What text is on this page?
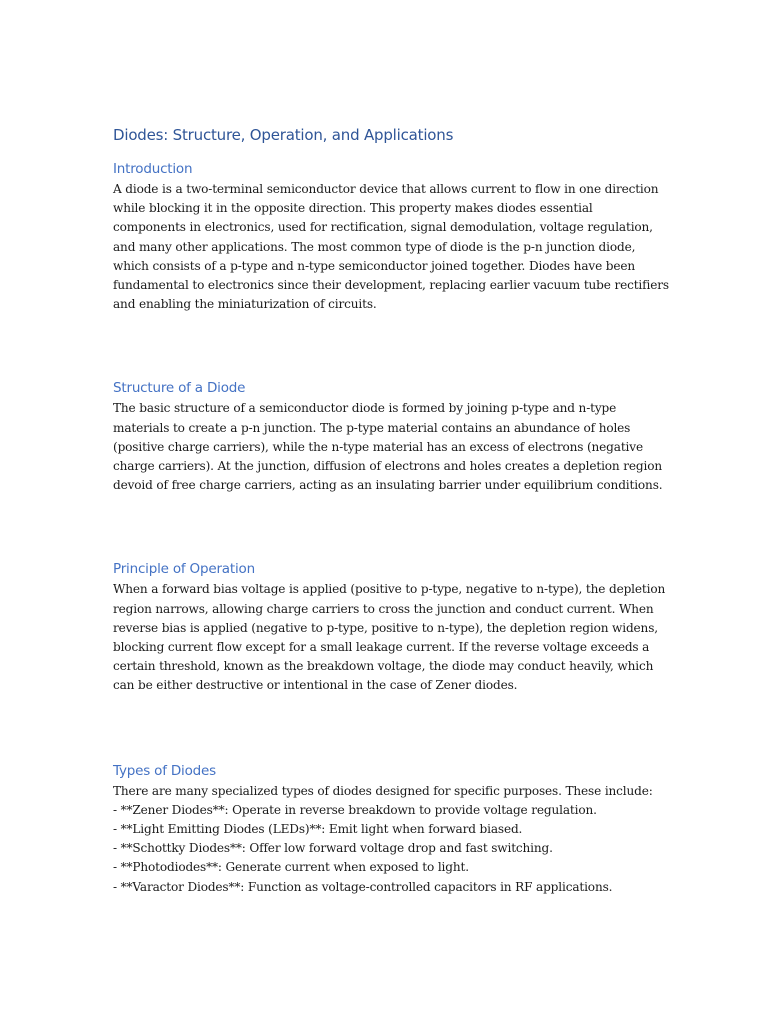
Diodes: Structure, Operation, and Applications
Introduction

A diode is a two-terminal semiconductor device that allows current to flow in one direction
while blocking it in the opposite direction. This property makes diodes essential
components in electronics, used for rectification, signal demodulation, voltage regulation,
and many other applications. The most common type of diode is the p-n junction diode,
which consists of a p-type and n-type semiconductor joined together. Diodes have been
fundamental to electronics since their development, replacing earlier vacuum tube rectifiers
and enabling the miniaturization of circuits.

Structure of a Diode

The basic structure of a semiconductor diode is formed by joining p-type and n-type
materials to create a p-n junction. The p-type material contains an abundance of holes
(positive charge carriers), while the n-type material has an excess of electrons (negative
charge carriers). At the junction, diffusion of electrons and holes creates a depletion region
devoid of free charge carriers, acting as an insulating barrier under equilibrium conditions.

Principle of Operation

When a forward bias voltage is applied (positive to p-type, negative to n-type), the depletion
region narrows, allowing charge carriers to cross the junction and conduct current. When
reverse bias is applied (negative to p-type, positive to n-type), the depletion region widens,
blocking current flow except for a small leakage current. If the reverse voltage exceeds a
certain threshold, known as the breakdown voltage, the diode may conduct heavily, which
can be either destructive or intentional in the case of Zener diodes.

Types of Diodes
There are many specialized types of diodes designed for specific purposes. These include:
- **Zener Diodes**: Operate in reverse breakdown to provide voltage regulation.
- **Light Emitting Diodes (LEDs)**: Emit light when forward biased.
- **Schottky Diodes**: Offer low forward voltage drop and fast switching.
- **Photodiodes**: Generate current when exposed to light.
- **Varactor Diodes**: Function as voltage-controlled capacitors in RF applications.
